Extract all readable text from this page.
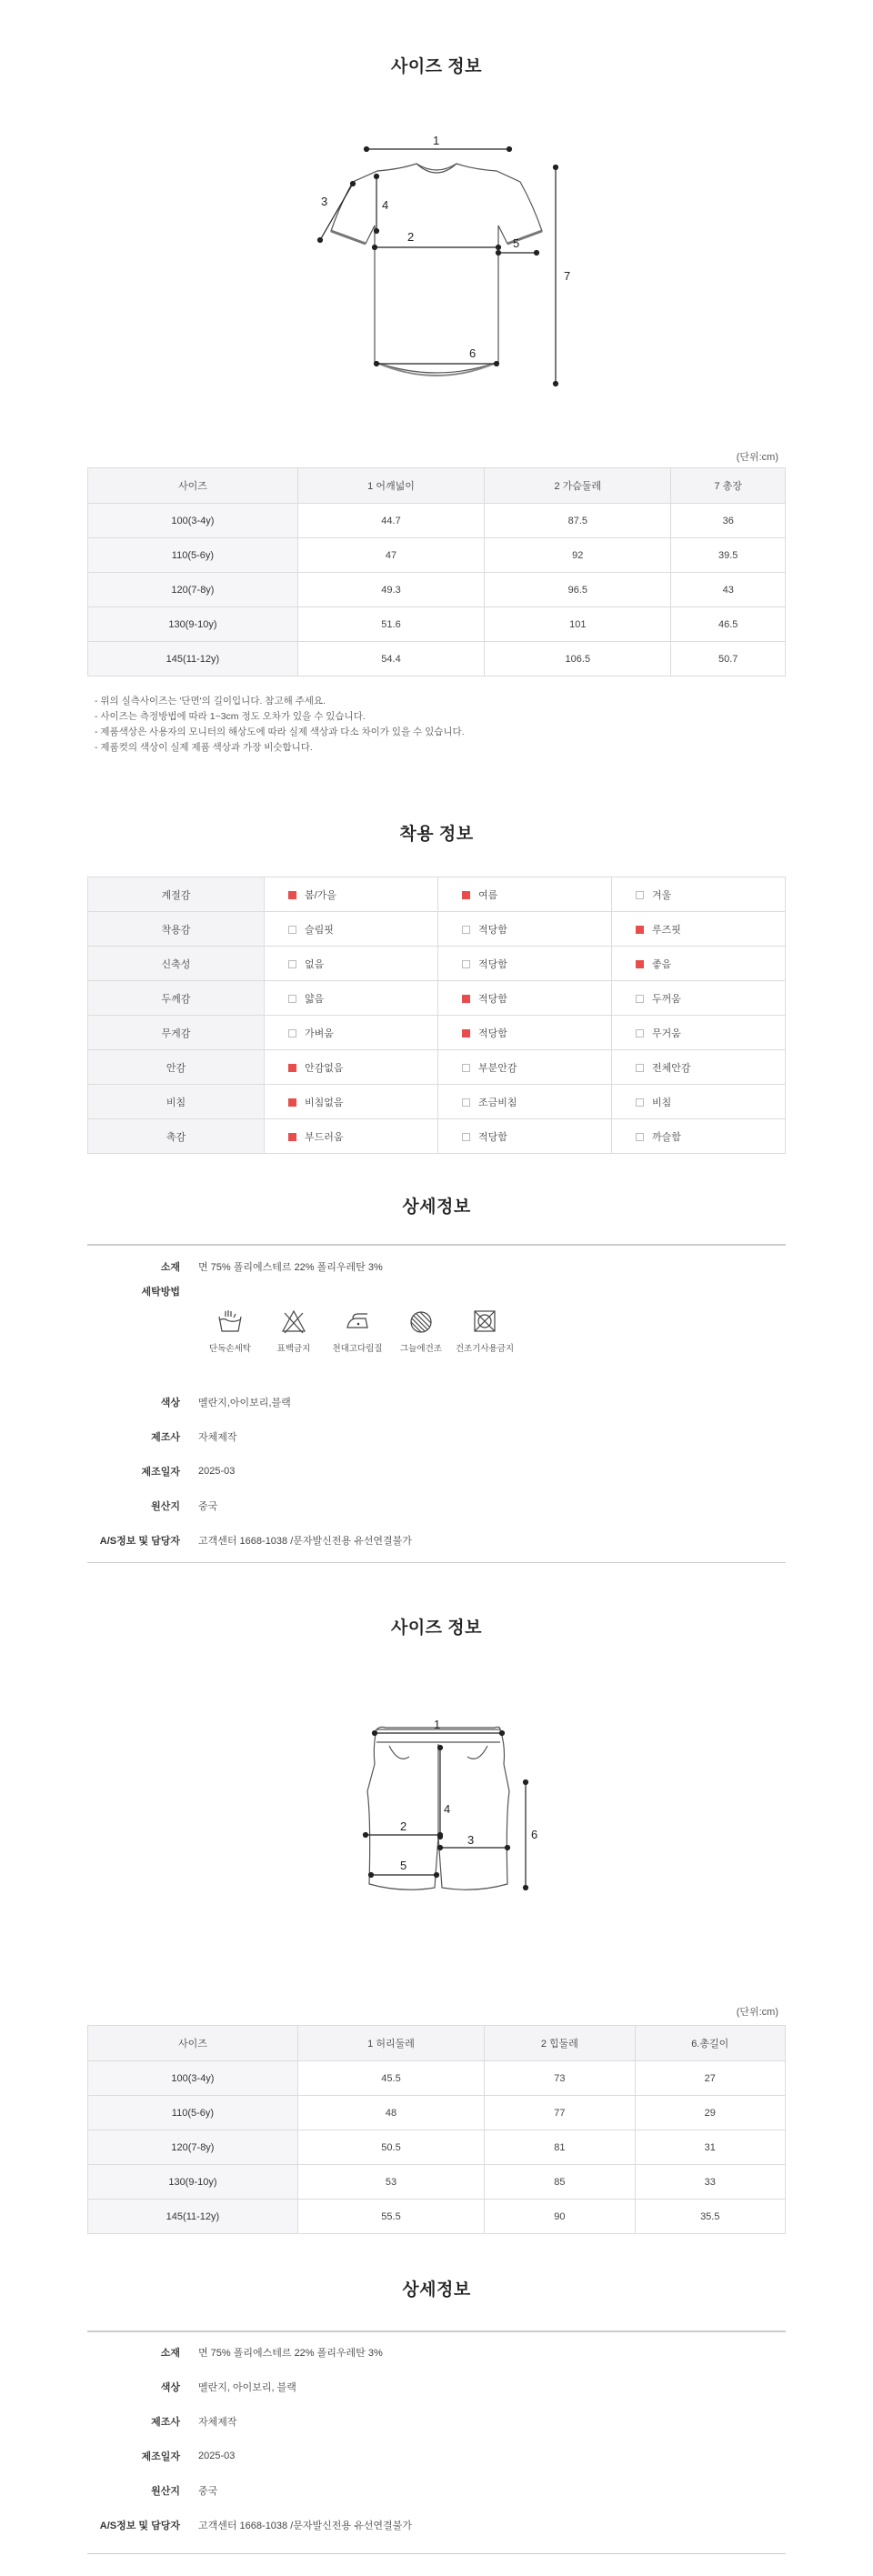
사이즈 정보
1
2
3	4
5
6
7
(단위:cm)
사이즈	1 어깨넓이	2 가슴둘레	7 총장
100(3-4y)	44.7	87.5	36
110(5-6y)	47	92	39.5
120(7-8y)	49.3	96.5	43
130(9-10y)	51.6	101	46.5
145(11-12y)	54.4	106.5	50.7
- 위의 실측사이즈는 '단면'의 길이입니다. 참고해 주세요.
- 사이즈는 측정방법에 따라 1~3cm 정도 오차가 있을 수 있습니다.
- 제품색상은 사용자의 모니터의 해상도에 따라 실제 색상과 다소 차이가 있을 수 있습니다.
- 제품컷의 색상이 실제 제품 색상과 가장 비슷합니다.
착용 정보
계절감	봄/가을	여름	겨울
착용감	슬림핏	적당함	루즈핏
신축성	없음	적당함	좋음
두께감	얇음	적당함	두꺼움
무게감	가벼움	적당함	무거움
안감	안감없음	부분안감	전체안감
비침	비침없음	조금비침	비침
촉감	부드러움	적당함	까슬함
상세정보
소재 면 75% 폴리에스테르 22% 폴리우레탄 3%
세탁방법
단독손세탁	표백금지	천대고다림질	그늘에건조	건조기사용금지
색상 멜란지,아이보리,블랙
제조사 자체제작
제조일자 2025-03
원산지 중국
A/S정보 및 담당자 고객센터 1668-1038 /문자발신전용 유선연결불가
사이즈 정보
1
2
3
4
5
6
(단위:cm)
사이즈	1 허리둘레	2 힙둘레	6.총길이
100(3-4y)	45.5	73	27
110(5-6y)	48	77	29
120(7-8y)	50.5	81	31
130(9-10y)	53	85	33
145(11-12y)	55.5	90	35.5
상세정보
소재 면 75% 폴리에스테르 22% 폴리우레탄 3%
색상 멜란지, 아이보리, 블랙
제조사 자체제작
제조일자 2025-03
원산지 중국
A/S정보 및 담당자 고객센터 1668-1038 /문자발신전용 유선연결불가
